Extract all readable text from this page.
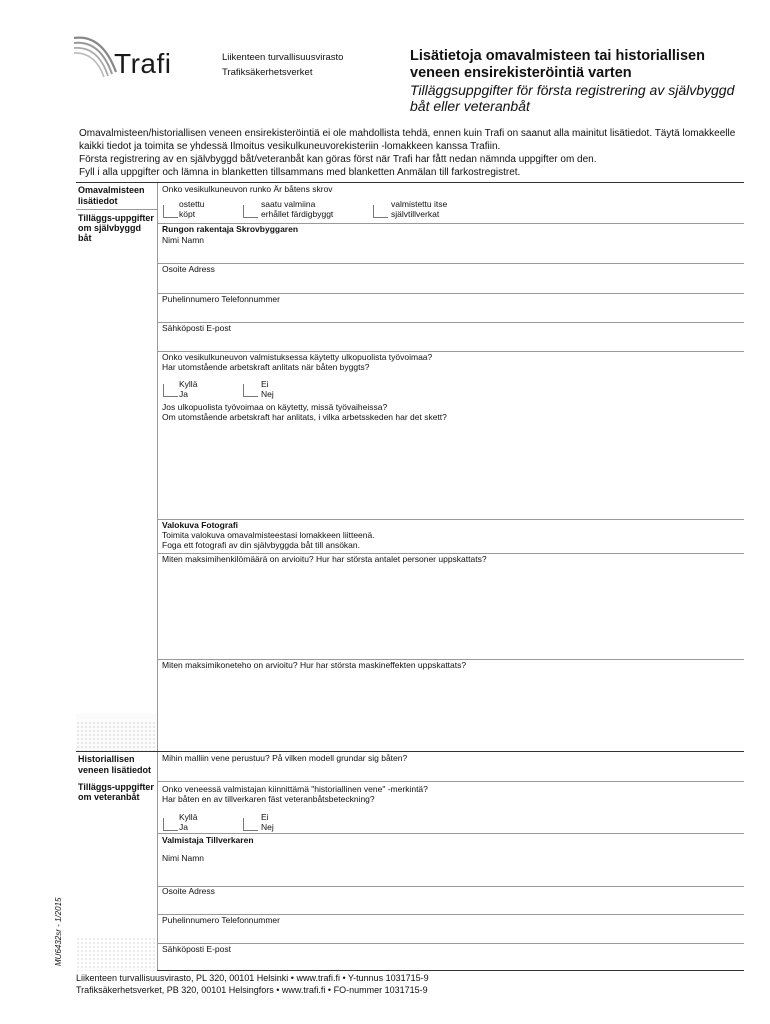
Trafi	Liikenteen turvallisuusvirasto
Trafiksäkerhetsverket
Lisätietoja omavalmisteen tai historiallisen veneen ensirekisteröintiä varten
Tilläggsuppgifter för första registrering av självbyggd båt eller veteranbåt
Omavalmisteen/historiallisen veneen ensirekisteröintiä ei ole mahdollista tehdä, ennen kuin Trafi on saanut alla mainitut lisätiedot. Täytä lomakkeelle kaikki tiedot ja toimita se yhdessä Ilmoitus vesikulkuneuvorekisteriin -lomakkeen kanssa Trafiin.
Första registrering av en självbyggd båt/veteranbåt kan göras först när Trafi har fått nedan nämnda uppgifter om den.
Fyll i alla uppgifter och lämna in blanketten tillsammans med blanketten Anmälan till farkostregistret.
Omavalmisteen lisätiedot
Tilläggs-uppgifter om självbyggd båt
Onko vesikulkuneuvon runko Är båtens skrov
ostettu
köpt
saatu valmiina
erhållet färdigbyggt
valmistettu itse
självtillverkat
Rungon rakentaja Skrovbyggaren
Nimi Namn
Osoite Adress
Puhelinnumero Telefonnummer
Sähköposti E-post
Onko vesikulkuneuvon valmistuksessa käytetty ulkopuolista työvoimaa?
Har utomstående arbetskraft anlitats när båten byggts?
Kyllä
Ja
Ei
Nej
Jos ulkopuolista työvoimaa on käytetty, missä työvaiheissa?
Om utomstående arbetskraft har anlitats, i vilka arbetsskeden har det skett?
Valokuva Fotografi
Toimita valokuva omavalmisteestasi lomakkeen liitteenä.
Foga ett fotografi av din självbyggda båt till ansökan.
Miten maksimihenkilömäärä on arvioitu? Hur har största antalet personer uppskattats?
Miten maksimikoneteho on arvioitu? Hur har största maskineffekten uppskattats?
Historiallisen veneen lisätiedot
Tilläggs-uppgifter om veteranbåt
Mihin malliin vene perustuu? På vilken modell grundar sig båten?
Onko veneessä valmistajan kiinnittämä "historiallinen vene" -merkintä?
Har båten en av tillverkaren fäst veteranbåtsbeteckning?
Kyllä
Ja
Ei
Nej
Valmistaja Tillverkaren
Nimi Namn
Osoite Adress
Puhelinnumero Telefonnummer
Sähköposti E-post
MU6432sr - 1/2015
Liikenteen turvallisuusvirasto, PL 320, 00101 Helsinki • www.trafi.fi • Y-tunnus 1031715-9
Trafiksäkerhetsverket, PB 320, 00101 Helsingfors • www.trafi.fi • FO-nummer 1031715-9
